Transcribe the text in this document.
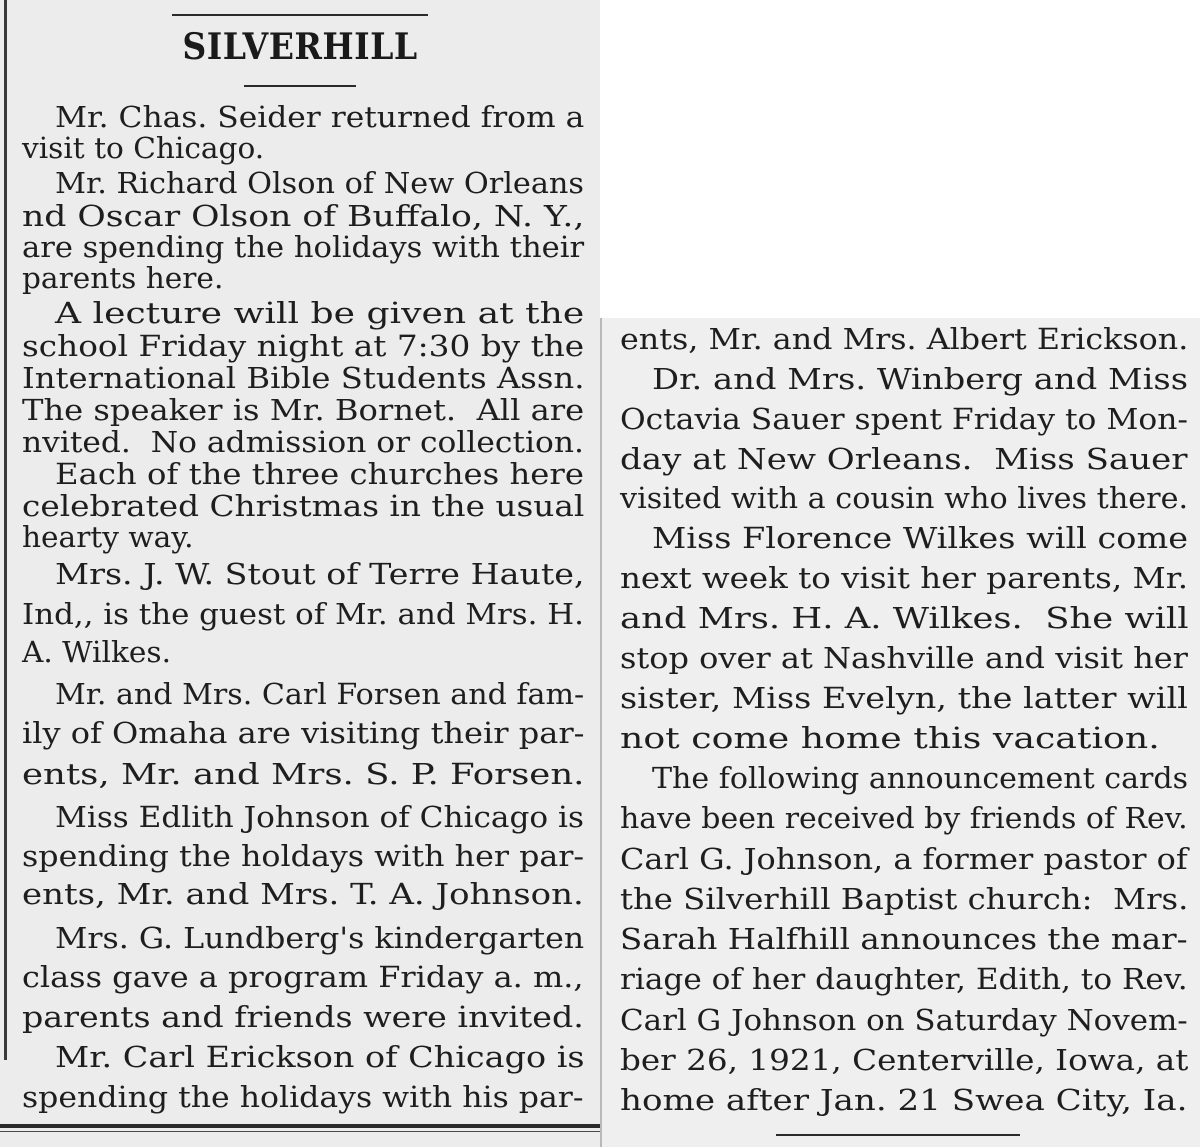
SILVERHILL
Mr. Chas. Seider returned from a
visit to Chicago.
Mr. Richard Olson of New Orleans
nd Oscar Olson of Buffalo, N. Y.,
are spending the holidays with their
parents here.
A lecture will be given at the
school Friday night at 7:30 by the
International Bible Students Assn.
The speaker is Mr. Bornet.  All are
nvited.  No admission or collection.
Each of the three churches here
celebrated Christmas in the usual
hearty way.
Mrs. J. W. Stout of Terre Haute,
Ind,, is the guest of Mr. and Mrs. H.
A. Wilkes.
Mr. and Mrs. Carl Forsen and fam-
ily of Omaha are visiting their par-
ents, Mr. and Mrs. S. P. Forsen.
Miss Edlith Johnson of Chicago is
spending the holdays with her par-
ents, Mr. and Mrs. T. A. Johnson.
Mrs. G. Lundberg's kindergarten
class gave a program Friday a. m.,
parents and friends were invited.
Mr. Carl Erickson of Chicago is
spending the holidays with his par-
ents, Mr. and Mrs. Albert Erickson.
Dr. and Mrs. Winberg and Miss
Octavia Sauer spent Friday to Mon-
day at New Orleans.  Miss Sauer
visited with a cousin who lives there.
Miss Florence Wilkes will come
next week to visit her parents, Mr.
and Mrs. H. A. Wilkes.  She will
stop over at Nashville and visit her
sister, Miss Evelyn, the latter will
not come home this vacation.
The following announcement cards
have been received by friends of Rev.
Carl G. Johnson, a former pastor of
the Silverhill Baptist church:  Mrs.
Sarah Halfhill announces the mar-
riage of her daughter, Edith, to Rev.
Carl G Johnson on Saturday Novem-
ber 26, 1921, Centerville, Iowa, at
home after Jan. 21 Swea City, Ia.
